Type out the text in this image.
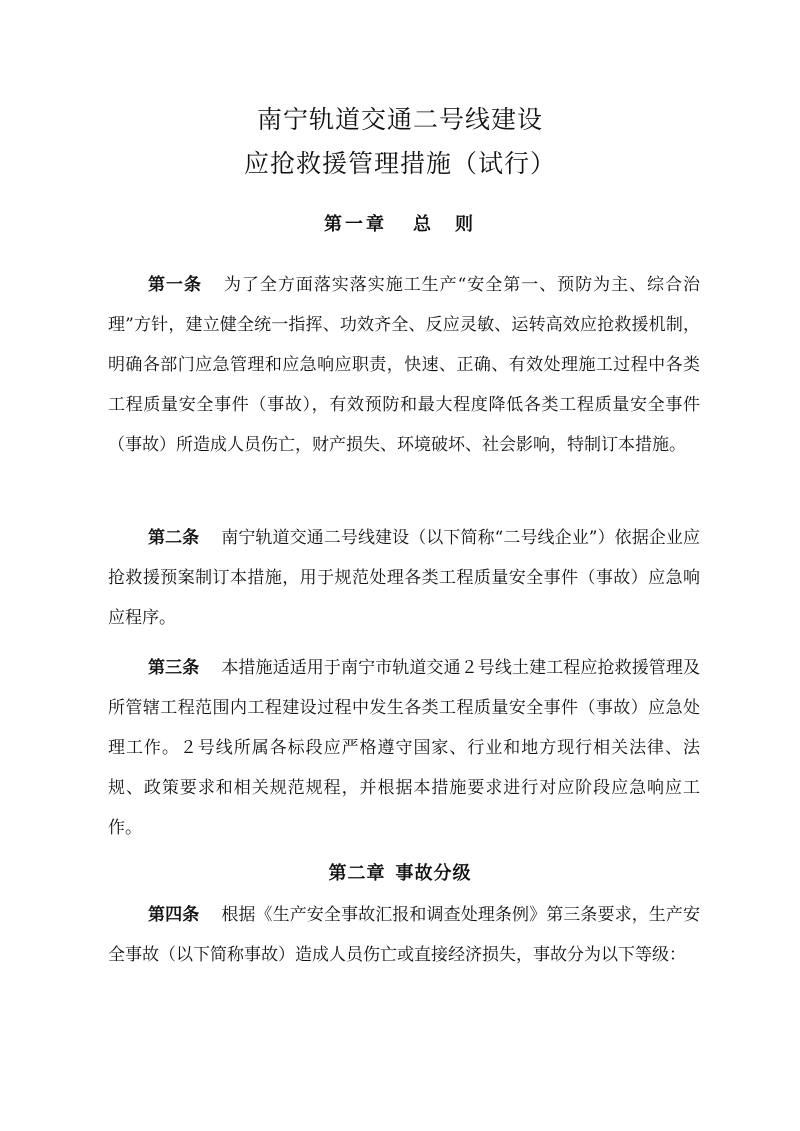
南宁轨道交通二号线建设
应抢救援管理措施（试行）
第一章 总　则

第一条 为了全方面落实落实施工生产“安全第一、预防为主、综合治理”方针，建立健全统一指挥、功效齐全、反应灵敏、运转高效应抢救援机制，明确各部门应急管理和应急响应职责，快速、正确、有效处理施工过程中各类工程质量安全事件（事故），有效预防和最大程度降低各类工程质量安全事件（事故）所造成人员伤亡，财产损失、环境破坏、社会影响，特制订本措施。

第二条 南宁轨道交通二号线建设（以下简称“二号线企业”）依据企业应抢救援预案制订本措施，用于规范处理各类工程质量安全事件（事故）应急响应程序。

第三条 本措施适适用于南宁市轨道交通２号线土建工程应抢救援管理及所管辖工程范围内工程建设过程中发生各类工程质量安全事件（事故）应急处理工作。２号线所属各标段应严格遵守国家、行业和地方现行相关法律、法规、政策要求和相关规范规程，并根据本措施要求进行对应阶段应急响应工作。

第二章 事故分级

第四条 根据《生产安全事故汇报和调查处理条例》第三条要求，生产安全事故（以下简称事故）造成人员伤亡或直接经济损失，事故分为以下等级：
